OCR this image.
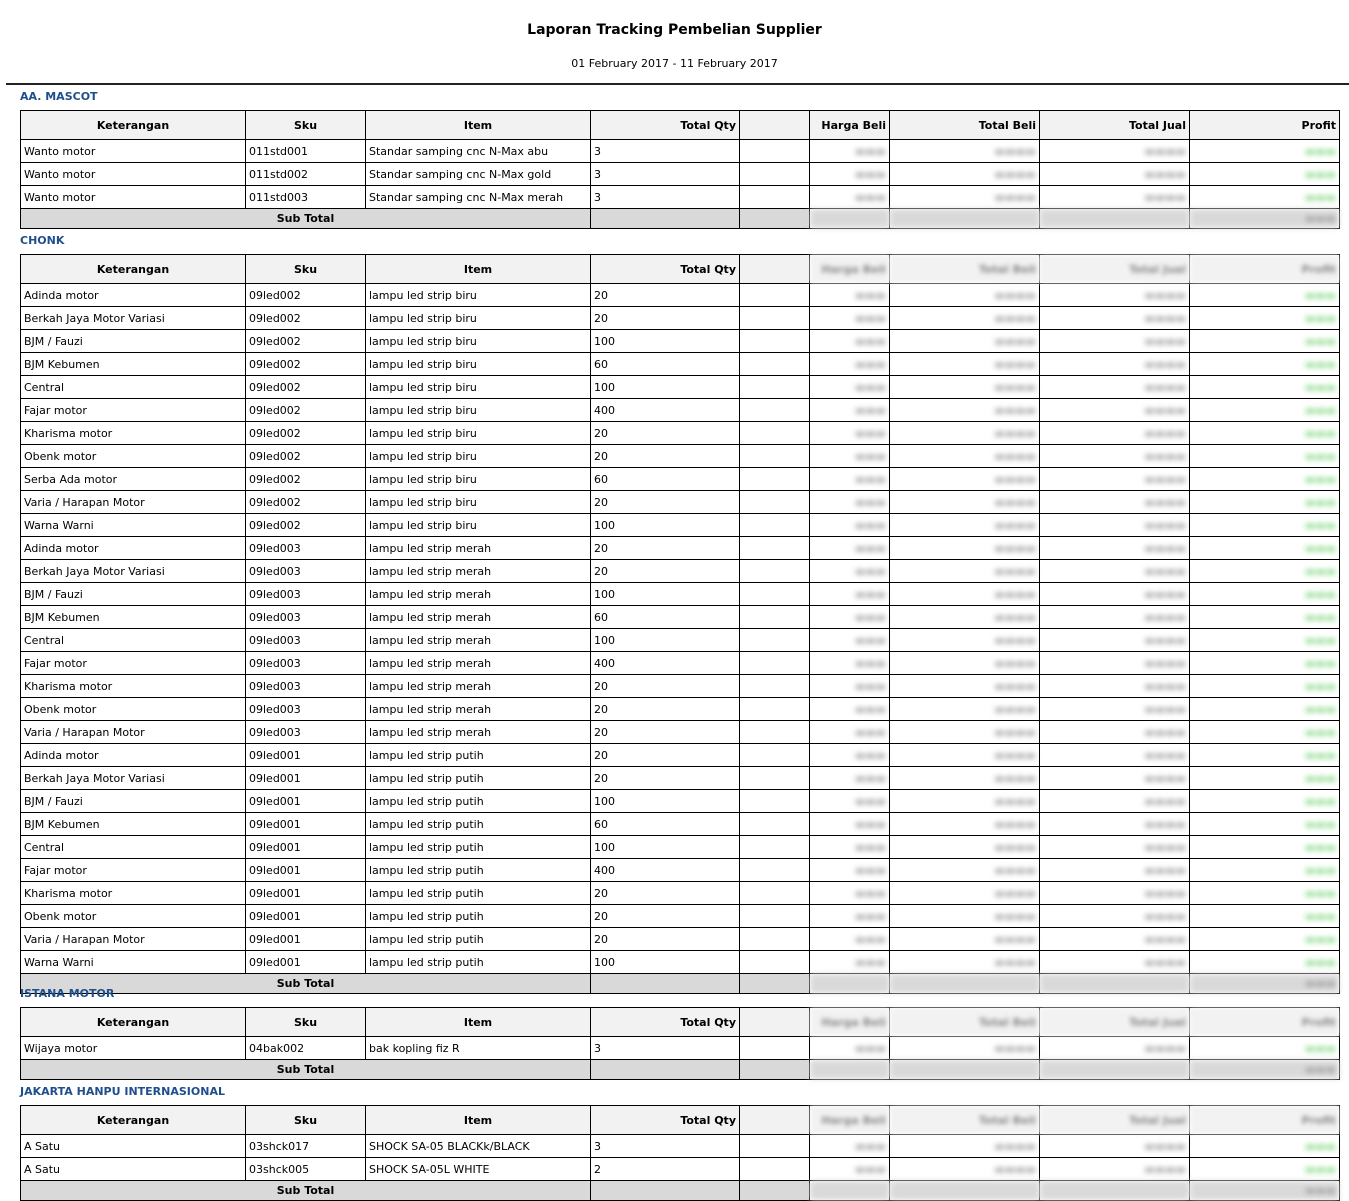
Laporan Tracking Pembelian Supplier
01 February 2017 - 11 February 2017
AA. MASCOT
Keterangan	Sku	Item	Total Qty		Harga Beli	Total Beli	Total Jual	Profit
Wanto motor	011std001	Standar samping cnc N-Max abu	3		▬▬▬	▬▬▬▬	▬▬▬▬	▬▬▬
Wanto motor	011std002	Standar samping cnc N-Max gold	3		▬▬▬	▬▬▬▬	▬▬▬▬	▬▬▬
Wanto motor	011std003	Standar samping cnc N-Max merah	3		▬▬▬	▬▬▬▬	▬▬▬▬	▬▬▬
Sub Total								▬▬▬
CHONK
Keterangan	Sku	Item	Total Qty		Harga Beli	Total Beli	Total Jual	Profit
Adinda motor	09led002	lampu led strip biru	20		▬▬▬	▬▬▬▬	▬▬▬▬	▬▬▬
Berkah Jaya Motor Variasi	09led002	lampu led strip biru	20		▬▬▬	▬▬▬▬	▬▬▬▬	▬▬▬
BJM / Fauzi	09led002	lampu led strip biru	100		▬▬▬	▬▬▬▬	▬▬▬▬	▬▬▬
BJM Kebumen	09led002	lampu led strip biru	60		▬▬▬	▬▬▬▬	▬▬▬▬	▬▬▬
Central	09led002	lampu led strip biru	100		▬▬▬	▬▬▬▬	▬▬▬▬	▬▬▬
Fajar motor	09led002	lampu led strip biru	400		▬▬▬	▬▬▬▬	▬▬▬▬	▬▬▬
Kharisma motor	09led002	lampu led strip biru	20		▬▬▬	▬▬▬▬	▬▬▬▬	▬▬▬
Obenk motor	09led002	lampu led strip biru	20		▬▬▬	▬▬▬▬	▬▬▬▬	▬▬▬
Serba Ada motor	09led002	lampu led strip biru	60		▬▬▬	▬▬▬▬	▬▬▬▬	▬▬▬
Varia / Harapan Motor	09led002	lampu led strip biru	20		▬▬▬	▬▬▬▬	▬▬▬▬	▬▬▬
Warna Warni	09led002	lampu led strip biru	100		▬▬▬	▬▬▬▬	▬▬▬▬	▬▬▬
Adinda motor	09led003	lampu led strip merah	20		▬▬▬	▬▬▬▬	▬▬▬▬	▬▬▬
Berkah Jaya Motor Variasi	09led003	lampu led strip merah	20		▬▬▬	▬▬▬▬	▬▬▬▬	▬▬▬
BJM / Fauzi	09led003	lampu led strip merah	100		▬▬▬	▬▬▬▬	▬▬▬▬	▬▬▬
BJM Kebumen	09led003	lampu led strip merah	60		▬▬▬	▬▬▬▬	▬▬▬▬	▬▬▬
Central	09led003	lampu led strip merah	100		▬▬▬	▬▬▬▬	▬▬▬▬	▬▬▬
Fajar motor	09led003	lampu led strip merah	400		▬▬▬	▬▬▬▬	▬▬▬▬	▬▬▬
Kharisma motor	09led003	lampu led strip merah	20		▬▬▬	▬▬▬▬	▬▬▬▬	▬▬▬
Obenk motor	09led003	lampu led strip merah	20		▬▬▬	▬▬▬▬	▬▬▬▬	▬▬▬
Varia / Harapan Motor	09led003	lampu led strip merah	20		▬▬▬	▬▬▬▬	▬▬▬▬	▬▬▬
Adinda motor	09led001	lampu led strip putih	20		▬▬▬	▬▬▬▬	▬▬▬▬	▬▬▬
Berkah Jaya Motor Variasi	09led001	lampu led strip putih	20		▬▬▬	▬▬▬▬	▬▬▬▬	▬▬▬
BJM / Fauzi	09led001	lampu led strip putih	100		▬▬▬	▬▬▬▬	▬▬▬▬	▬▬▬
BJM Kebumen	09led001	lampu led strip putih	60		▬▬▬	▬▬▬▬	▬▬▬▬	▬▬▬
Central	09led001	lampu led strip putih	100		▬▬▬	▬▬▬▬	▬▬▬▬	▬▬▬
Fajar motor	09led001	lampu led strip putih	400		▬▬▬	▬▬▬▬	▬▬▬▬	▬▬▬
Kharisma motor	09led001	lampu led strip putih	20		▬▬▬	▬▬▬▬	▬▬▬▬	▬▬▬
Obenk motor	09led001	lampu led strip putih	20		▬▬▬	▬▬▬▬	▬▬▬▬	▬▬▬
Varia / Harapan Motor	09led001	lampu led strip putih	20		▬▬▬	▬▬▬▬	▬▬▬▬	▬▬▬
Warna Warni	09led001	lampu led strip putih	100		▬▬▬	▬▬▬▬	▬▬▬▬	▬▬▬
Sub Total								▬▬▬
ISTANA MOTOR
Keterangan	Sku	Item	Total Qty		Harga Beli	Total Beli	Total Jual	Profit
Wijaya motor	04bak002	bak kopling fiz R	3		▬▬▬	▬▬▬▬	▬▬▬▬	▬▬▬
Sub Total								▬▬▬
JAKARTA HANPU INTERNASIONAL
Keterangan	Sku	Item	Total Qty		Harga Beli	Total Beli	Total Jual	Profit
A Satu	03shck017	SHOCK SA-05 BLACKk/BLACK	3		▬▬▬	▬▬▬▬	▬▬▬▬	▬▬▬
A Satu	03shck005	SHOCK SA-05L WHITE	2		▬▬▬	▬▬▬▬	▬▬▬▬	▬▬▬
Sub Total								▬▬▬
